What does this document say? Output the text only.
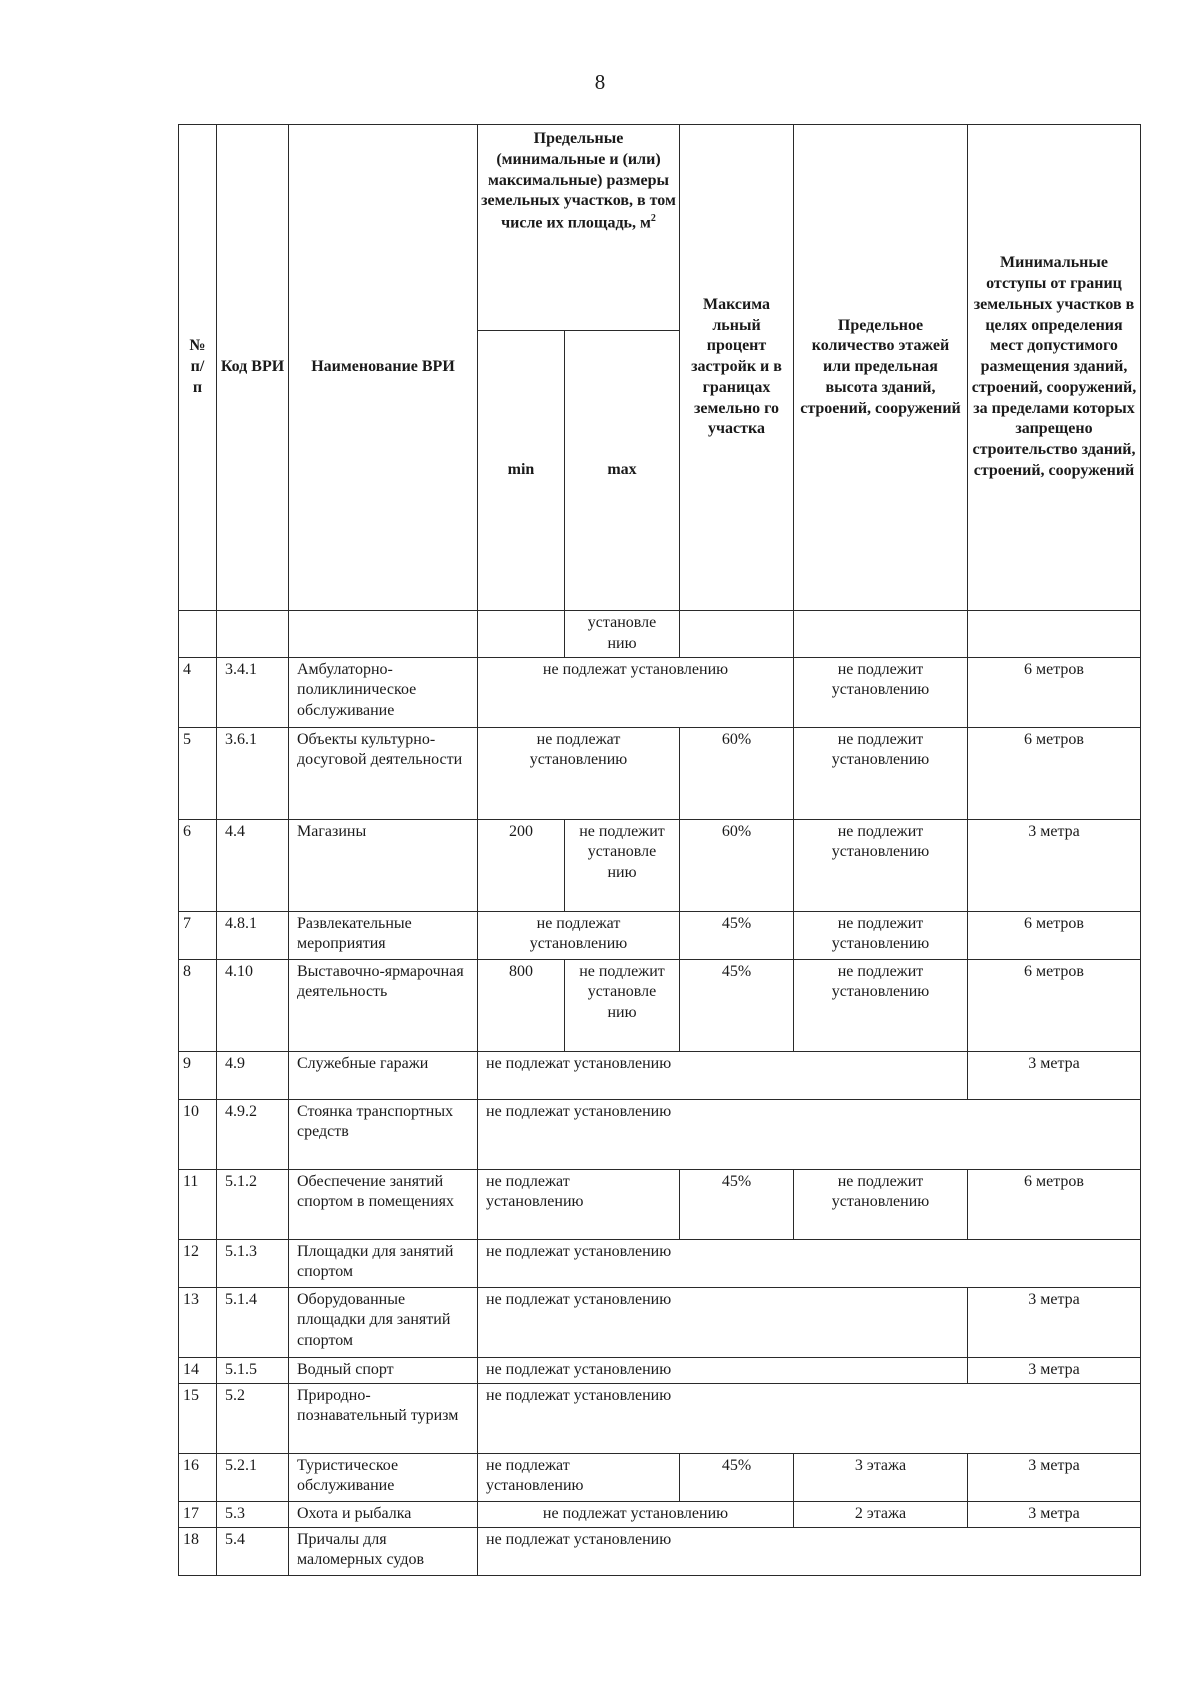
8
№
п/
п	Код ВРИ	Наименование ВРИ	Предельные (минимальные и (или) максимальные) размеры земельных участков, в том числе их площадь, $м^2$		Максима льный процент застройк и в границах земельно го участка	Предельное количество этажей или предельная высота зданий, строений, сооружений	Минимальные отступы от границ земельных участков в целях определения мест допустимого размещения зданий, строений, сооружений, за пределами которых запрещено строительство зданий, строений, сооружений
			min	max			
				установле нию			
4	3.4.1	Амбулаторно-поликлиническое обслуживание	не подлежат установлению			не подлежит установлению	6 метров
5	3.6.1	Объекты культурно-досуговой деятельности	не подлежат установлению		60%	не подлежит установлению	6 метров
6	4.4	Магазины	200	не подлежит установле нию	60%	не подлежит установлению	3 метра
7	4.8.1	Развлекательные мероприятия	не подлежат установлению		45%	не подлежит установлению	6 метров
8	4.10	Выставочно-ярмарочная деятельность	800	не подлежит установле нию	45%	не подлежит установлению	6 метров
9	4.9	Служебные гаражи	не подлежат установлению				3 метра
10	4.9.2	Стоянка транспортных средств	не подлежат установлению				
11	5.1.2	Обеспечение занятий спортом в помещениях	не подлежат установлению		45%	не подлежит установлению	6 метров
12	5.1.3	Площадки для занятий спортом	не подлежат установлению				
13	5.1.4	Оборудованные площадки для занятий спортом	не подлежат установлению				3 метра
14	5.1.5	Водный спорт	не подлежат установлению				3 метра
15	5.2	Природно-познавательный туризм	не подлежат установлению				
16	5.2.1	Туристическое обслуживание	не подлежат установлению		45%	3 этажа	3 метра
17	5.3	Охота и рыбалка	не подлежат установлению			2 этажа	3 метра
18	5.4	Причалы для маломерных судов	не подлежат установлению				
